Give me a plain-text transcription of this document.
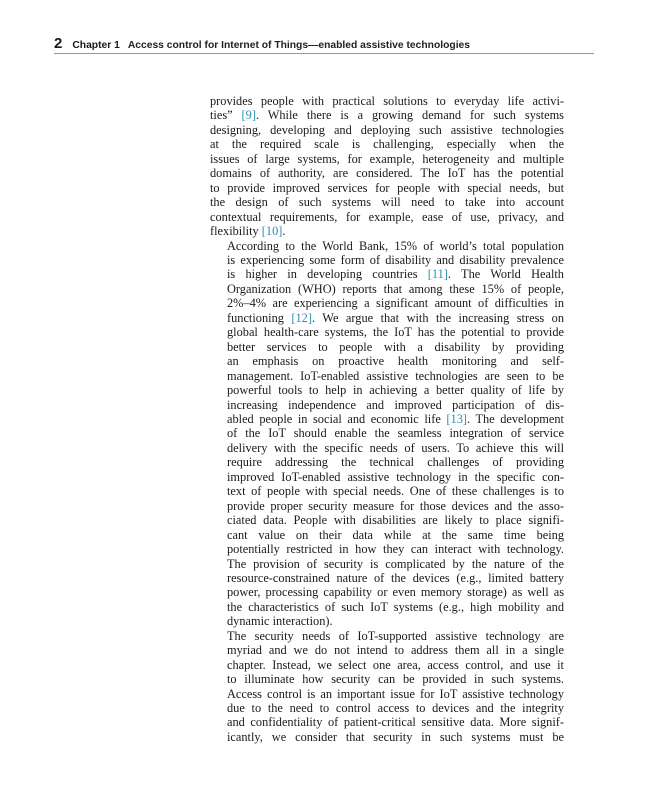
2 Chapter 1 Access control for Internet of Things—enabled assistive technologies

provides people with practical solutions to everyday life activi-
ties” [9]. While there is a growing demand for such systems
designing, developing and deploying such assistive technologies
at the required scale is challenging, especially when the
issues of large systems, for example, heterogeneity and multiple
domains of authority, are considered. The IoT has the potential
to provide improved services for people with special needs, but
the design of such systems will need to take into account
contextual requirements, for example, ease of use, privacy, and
flexibility [10].

According to the World Bank, 15% of world’s total population
is experiencing some form of disability and disability prevalence
is higher in developing countries [11]. The World Health
Organization (WHO) reports that among these 15% of people,
2%–4% are experiencing a significant amount of difficulties in
functioning [12]. We argue that with the increasing stress on
global health-care systems, the IoT has the potential to provide
better services to people with a disability by providing
an emphasis on proactive health monitoring and self-
management. IoT-enabled assistive technologies are seen to be
powerful tools to help in achieving a better quality of life by
increasing independence and improved participation of dis-
abled people in social and economic life [13]. The development
of the IoT should enable the seamless integration of service
delivery with the specific needs of users. To achieve this will
require addressing the technical challenges of providing
improved IoT-enabled assistive technology in the specific con-
text of people with special needs. One of these challenges is to
provide proper security measure for those devices and the asso-
ciated data. People with disabilities are likely to place signifi-
cant value on their data while at the same time being
potentially restricted in how they can interact with technology.
The provision of security is complicated by the nature of the
resource-constrained nature of the devices (e.g., limited battery
power, processing capability or even memory storage) as well as
the characteristics of such IoT systems (e.g., high mobility and
dynamic interaction).

The security needs of IoT-supported assistive technology are
myriad and we do not intend to address them all in a single
chapter. Instead, we select one area, access control, and use it
to illuminate how security can be provided in such systems.
Access control is an important issue for IoT assistive technology
due to the need to control access to devices and the integrity
and confidentiality of patient-critical sensitive data. More signif-
icantly, we consider that security in such systems must be
